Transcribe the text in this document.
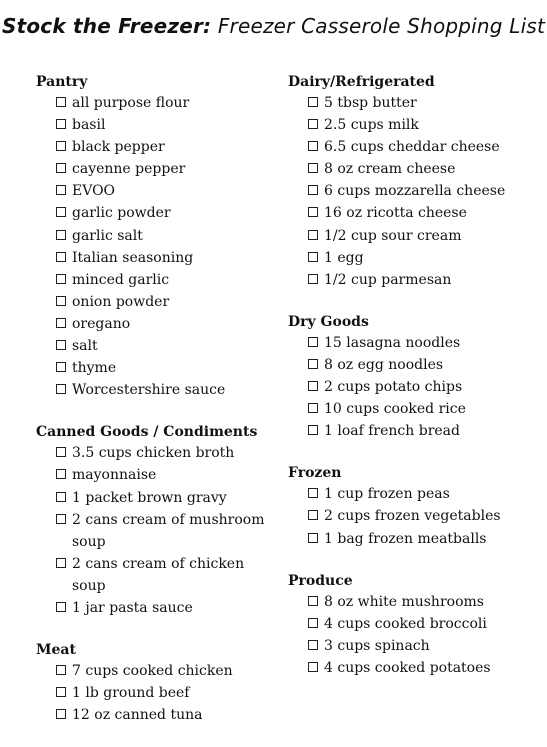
Stock the Freezer: Freezer Casserole Shopping List
Pantry
all purpose flour
basil
black pepper
cayenne pepper
EVOO
garlic powder
garlic salt
Italian seasoning
minced garlic
onion powder
oregano
salt
thyme
Worcestershire sauce
Canned Goods / Condiments
3.5 cups chicken broth
mayonnaise
1 packet brown gravy
2 cans cream of mushroom soup
2 cans cream of chicken soup
1 jar pasta sauce
Meat
7 cups cooked chicken
1 lb ground beef
12 oz canned tuna
Dairy/Refrigerated
5 tbsp butter
2.5 cups milk
6.5 cups cheddar cheese
8 oz cream cheese
6 cups mozzarella cheese
16 oz ricotta cheese
1/2 cup sour cream
1 egg
1/2 cup parmesan
Dry Goods
15 lasagna noodles
8 oz egg noodles
2 cups potato chips
10 cups cooked rice
1 loaf french bread
Frozen
1 cup frozen peas
2 cups frozen vegetables
1 bag frozen meatballs
Produce
8 oz white mushrooms
4 cups cooked broccoli
3 cups spinach
4 cups cooked potatoes
